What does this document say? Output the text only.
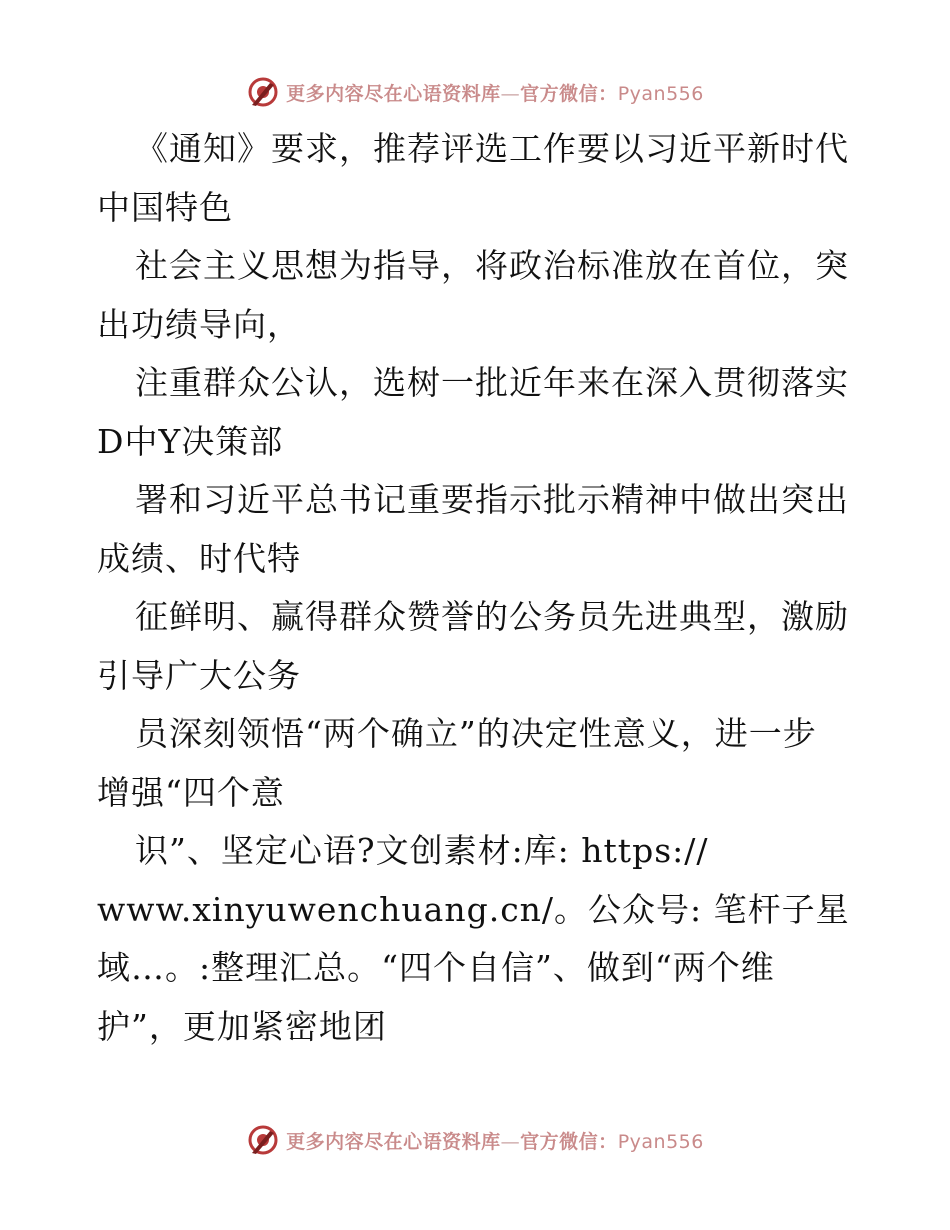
更多内容尽在心语资料库—官方微信：Pyan556
《通知》要求，推荐评选工作要以习近平新时代
中国特色
社会主义思想为指导，将政治标准放在首位，突
出功绩导向，
注重群众公认，选树一批近年来在深入贯彻落实
D中Y决策部
署和习近平总书记重要指示批示精神中做出突出
成绩、时代特
征鲜明、赢得群众赞誉的公务员先进典型，激励
引导广大公务
员深刻领悟“两个确立”的决定性意义，进一步
增强“四个意
识”、坚定心语?文创素材:库: https://
www.xinyuwenchuang.cn/。公众号: 笔杆子星
域…。:整理汇总。“四个自信”、做到“两个维
护”，更加紧密地团
更多内容尽在心语资料库—官方微信：Pyan556
